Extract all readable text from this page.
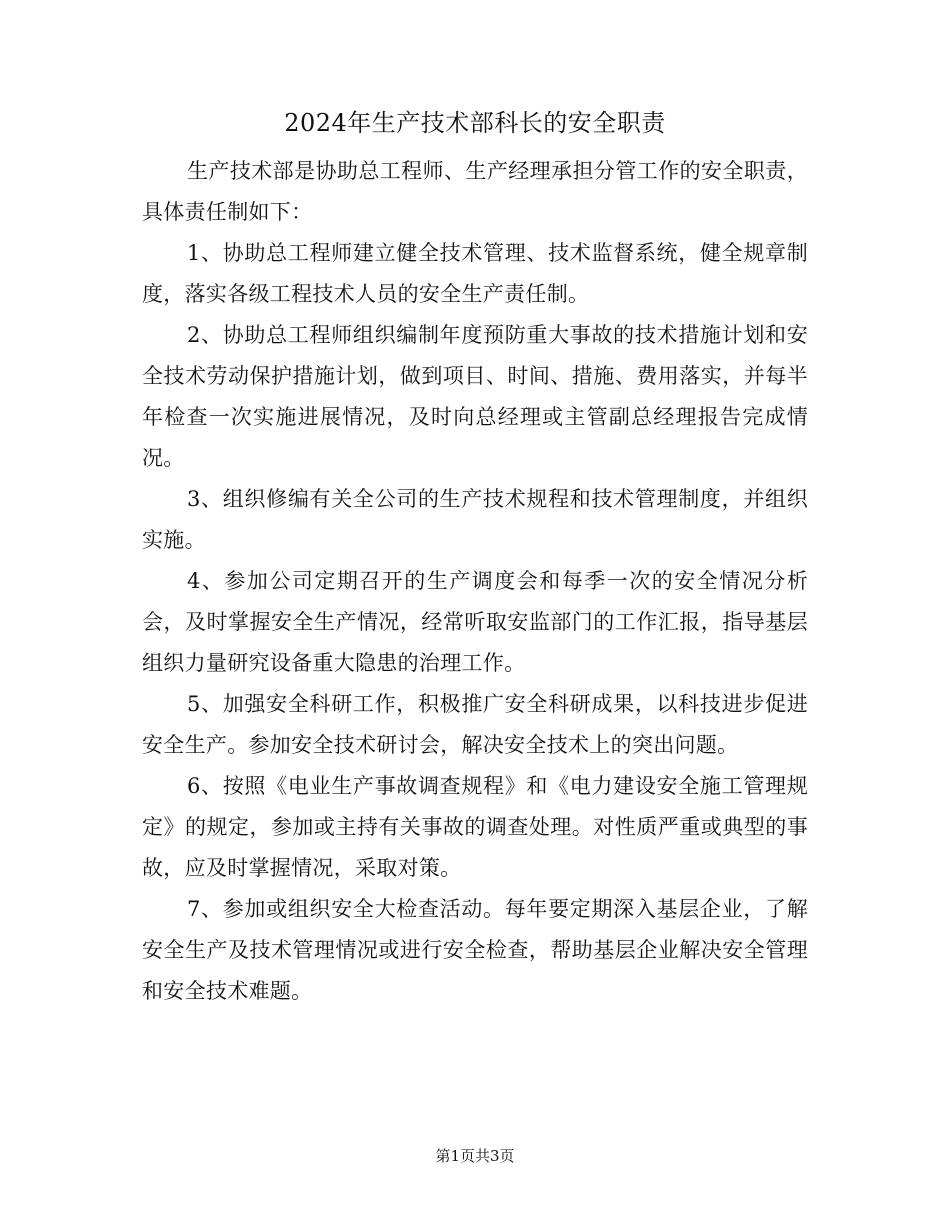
2024年生产技术部科长的安全职责

生产技术部是协助总工程师、生产经理承担分管工作的安全职责，具体责任制如下：

1、协助总工程师建立健全技术管理、技术监督系统，健全规章制度，落实各级工程技术人员的安全生产责任制。

2、协助总工程师组织编制年度预防重大事故的技术措施计划和安全技术劳动保护措施计划，做到项目、时间、措施、费用落实，并每半年检查一次实施进展情况，及时向总经理或主管副总经理报告完成情况。

3、组织修编有关全公司的生产技术规程和技术管理制度，并组织实施。

4、参加公司定期召开的生产调度会和每季一次的安全情况分析会，及时掌握安全生产情况，经常听取安监部门的工作汇报，指导基层组织力量研究设备重大隐患的治理工作。

5、加强安全科研工作，积极推广安全科研成果，以科技进步促进安全生产。参加安全技术研讨会，解决安全技术上的突出问题。

6、按照《电业生产事故调查规程》和《电力建设安全施工管理规定》的规定，参加或主持有关事故的调查处理。对性质严重或典型的事故，应及时掌握情况，采取对策。

7、参加或组织安全大检查活动。每年要定期深入基层企业，了解安全生产及技术管理情况或进行安全检查，帮助基层企业解决安全管理和安全技术难题。

第1页共3页
